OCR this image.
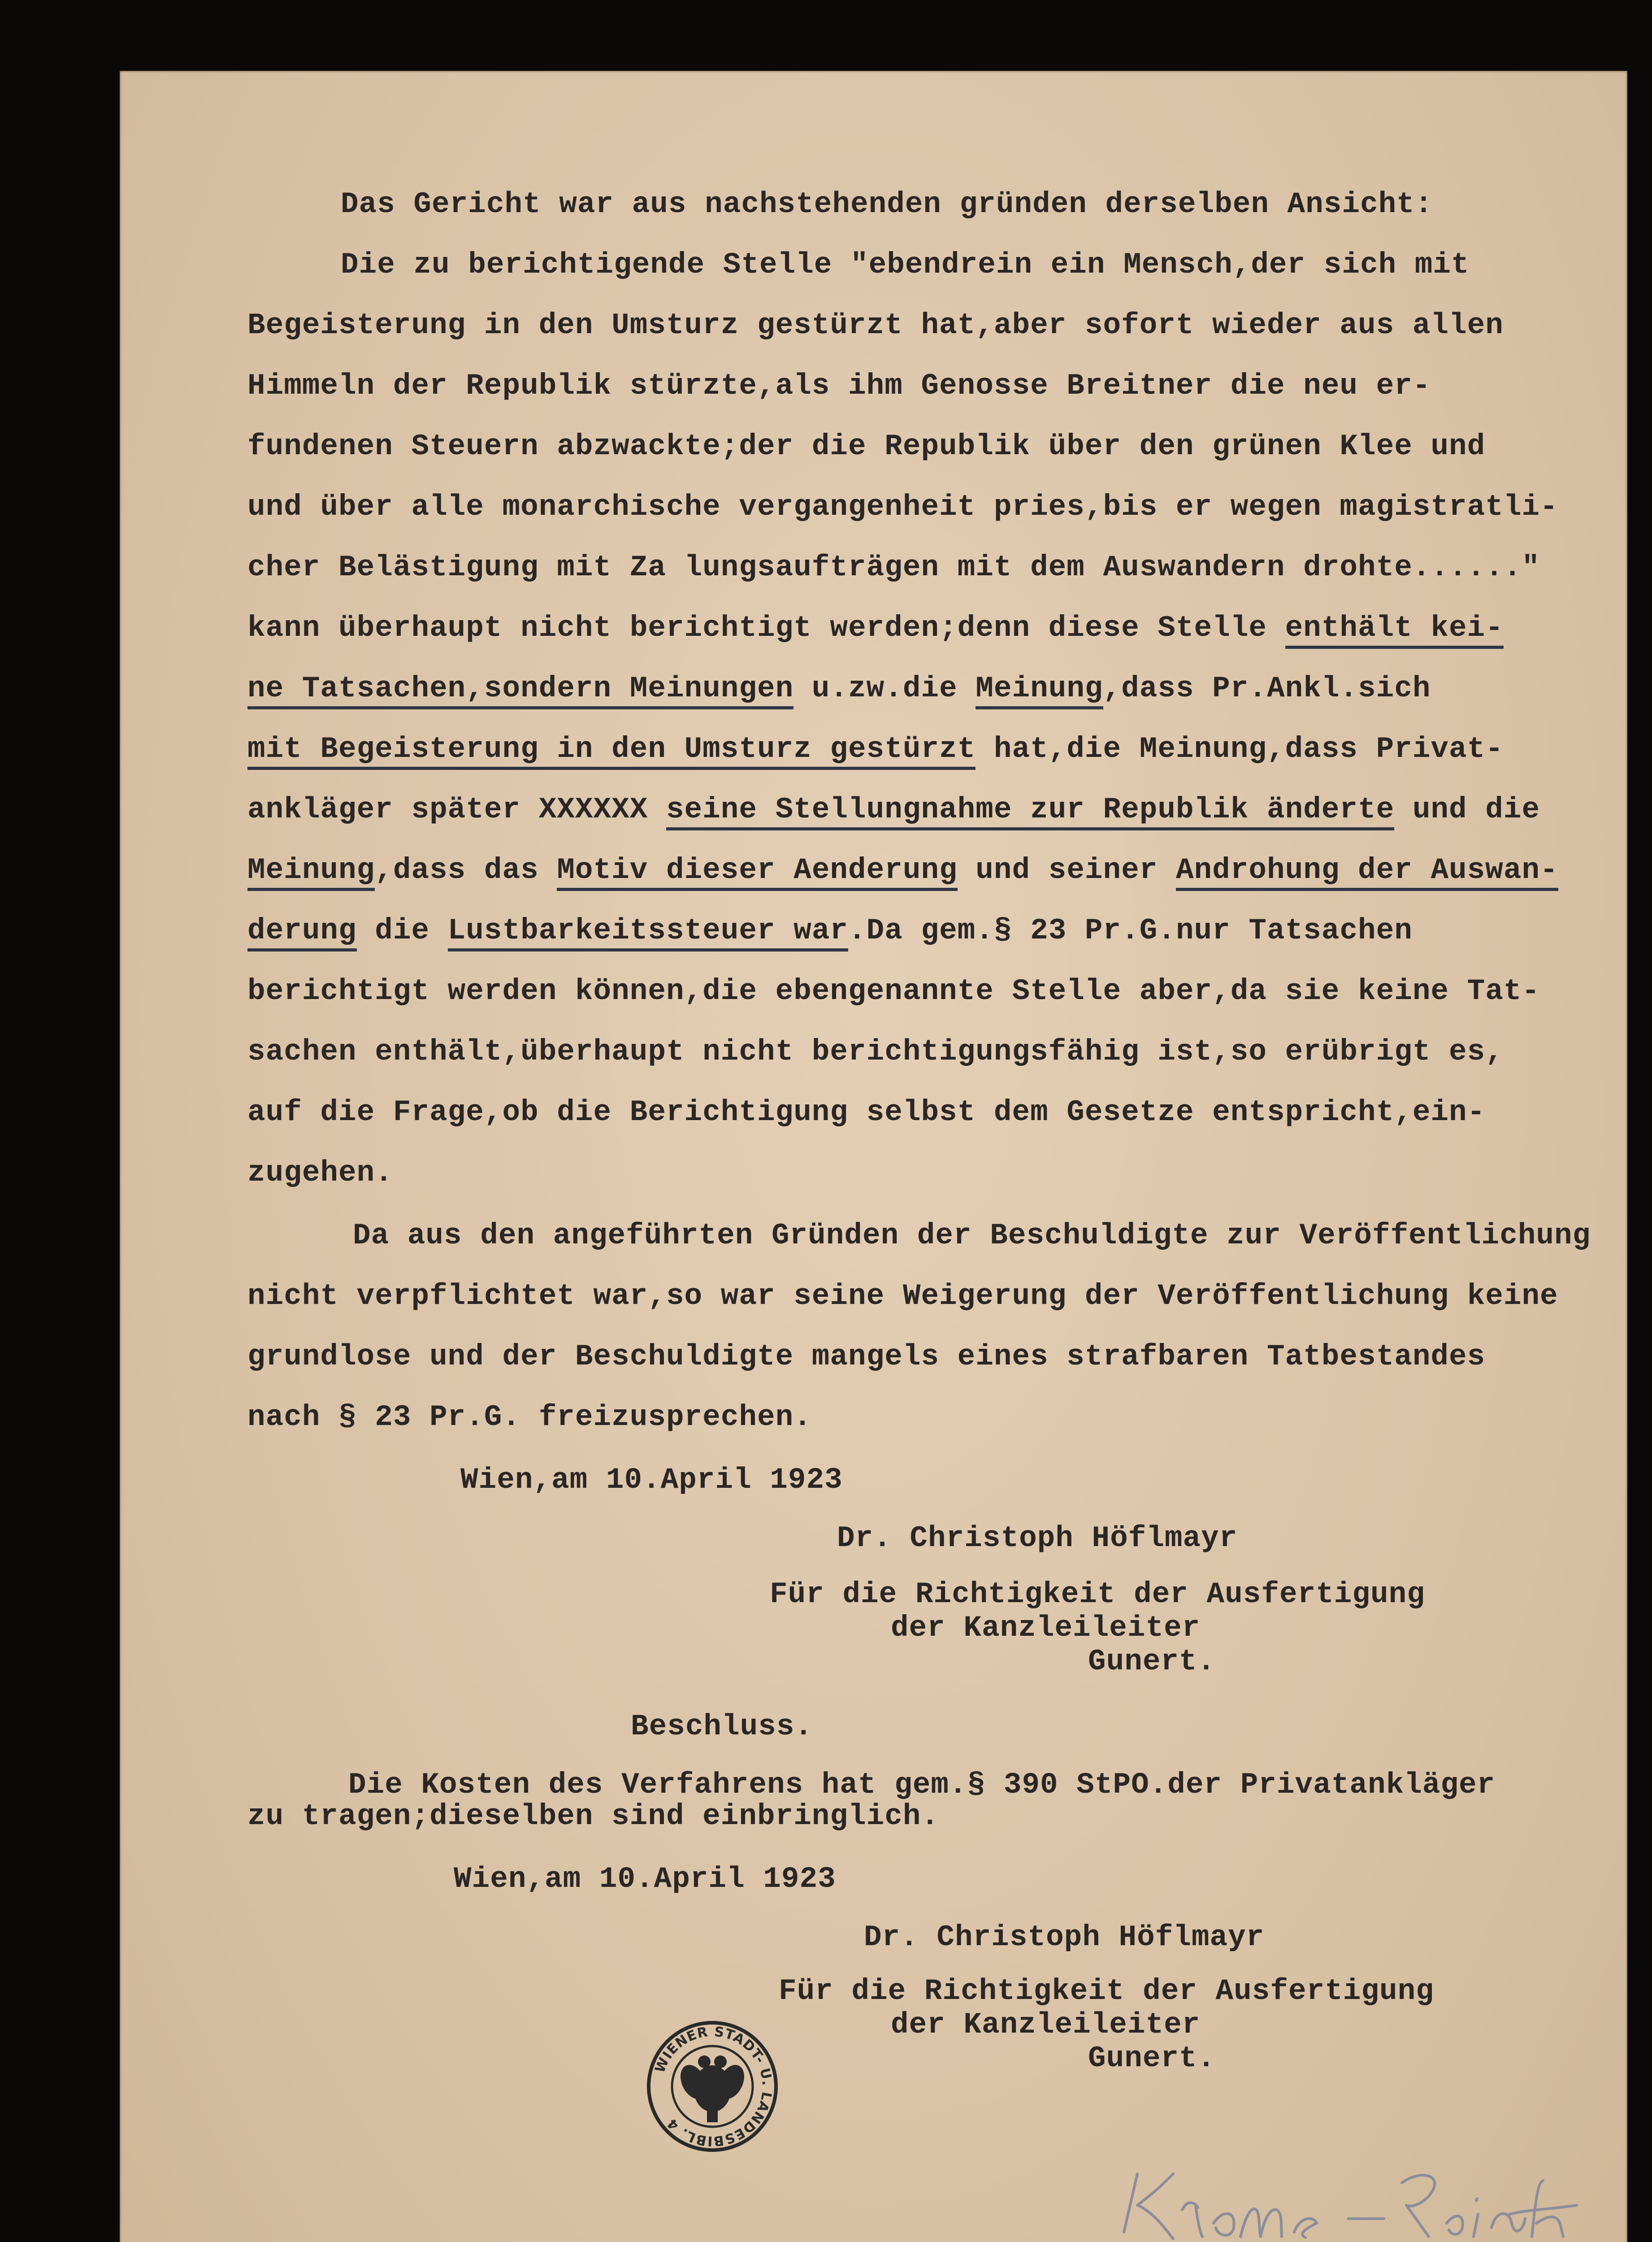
Das Gericht war aus nachstehenden gründen derselben Ansicht:
Die zu berichtigende Stelle "ebendrein ein Mensch,der sich mit
Begeisterung in den Umsturz gestürzt hat,aber sofort wieder aus allen
Himmeln der Republik stürzte,als ihm Genosse Breitner die neu er-
fundenen Steuern abzwackte;der die Republik über den grünen Klee und
und über alle monarchische vergangenheit pries,bis er wegen magistratli-
cher Belästigung mit Za lungsaufträgen mit dem Auswandern drohte......"
kann überhaupt nicht berichtigt werden;denn diese Stelle enthält kei-
ne Tatsachen,sondern Meinungen u.zw.die Meinung,dass Pr.Ankl.sich
mit Begeisterung in den Umsturz gestürzt hat,die Meinung,dass Privat-
ankläger später XXXXXX seine Stellungnahme zur Republik änderte und die
Meinung,dass das Motiv dieser Aenderung und seiner Androhung der Auswan-
derung die Lustbarkeitssteuer war.Da gem.§ 23 Pr.G.nur Tatsachen
berichtigt werden können,die ebengenannte Stelle aber,da sie keine Tat-
sachen enthält,überhaupt nicht berichtigungsfähig ist,so erübrigt es,
auf die Frage,ob die Berichtigung selbst dem Gesetze entspricht,ein-
zugehen.
Da aus den angeführten Gründen der Beschuldigte zur Veröffentlichung
nicht verpflichtet war,so war seine Weigerung der Veröffentlichung keine
grundlose und der Beschuldigte mangels eines strafbaren Tatbestandes
nach § 23 Pr.G. freizusprechen.
Wien,am 10.April 1923
Dr. Christoph Höflmayr
Für die Richtigkeit der Ausfertigung
der Kanzleileiter
Gunert.
Beschluss.
Die Kosten des Verfahrens hat gem.§ 390 StPO.der Privatankläger
zu tragen;dieselben sind einbringlich.
Wien,am 10.April 1923
Dr. Christoph Höflmayr
Für die Richtigkeit der Ausfertigung
der Kanzleileiter
Gunert.
WIENER STADT- U. LANDESBIBL. 4
